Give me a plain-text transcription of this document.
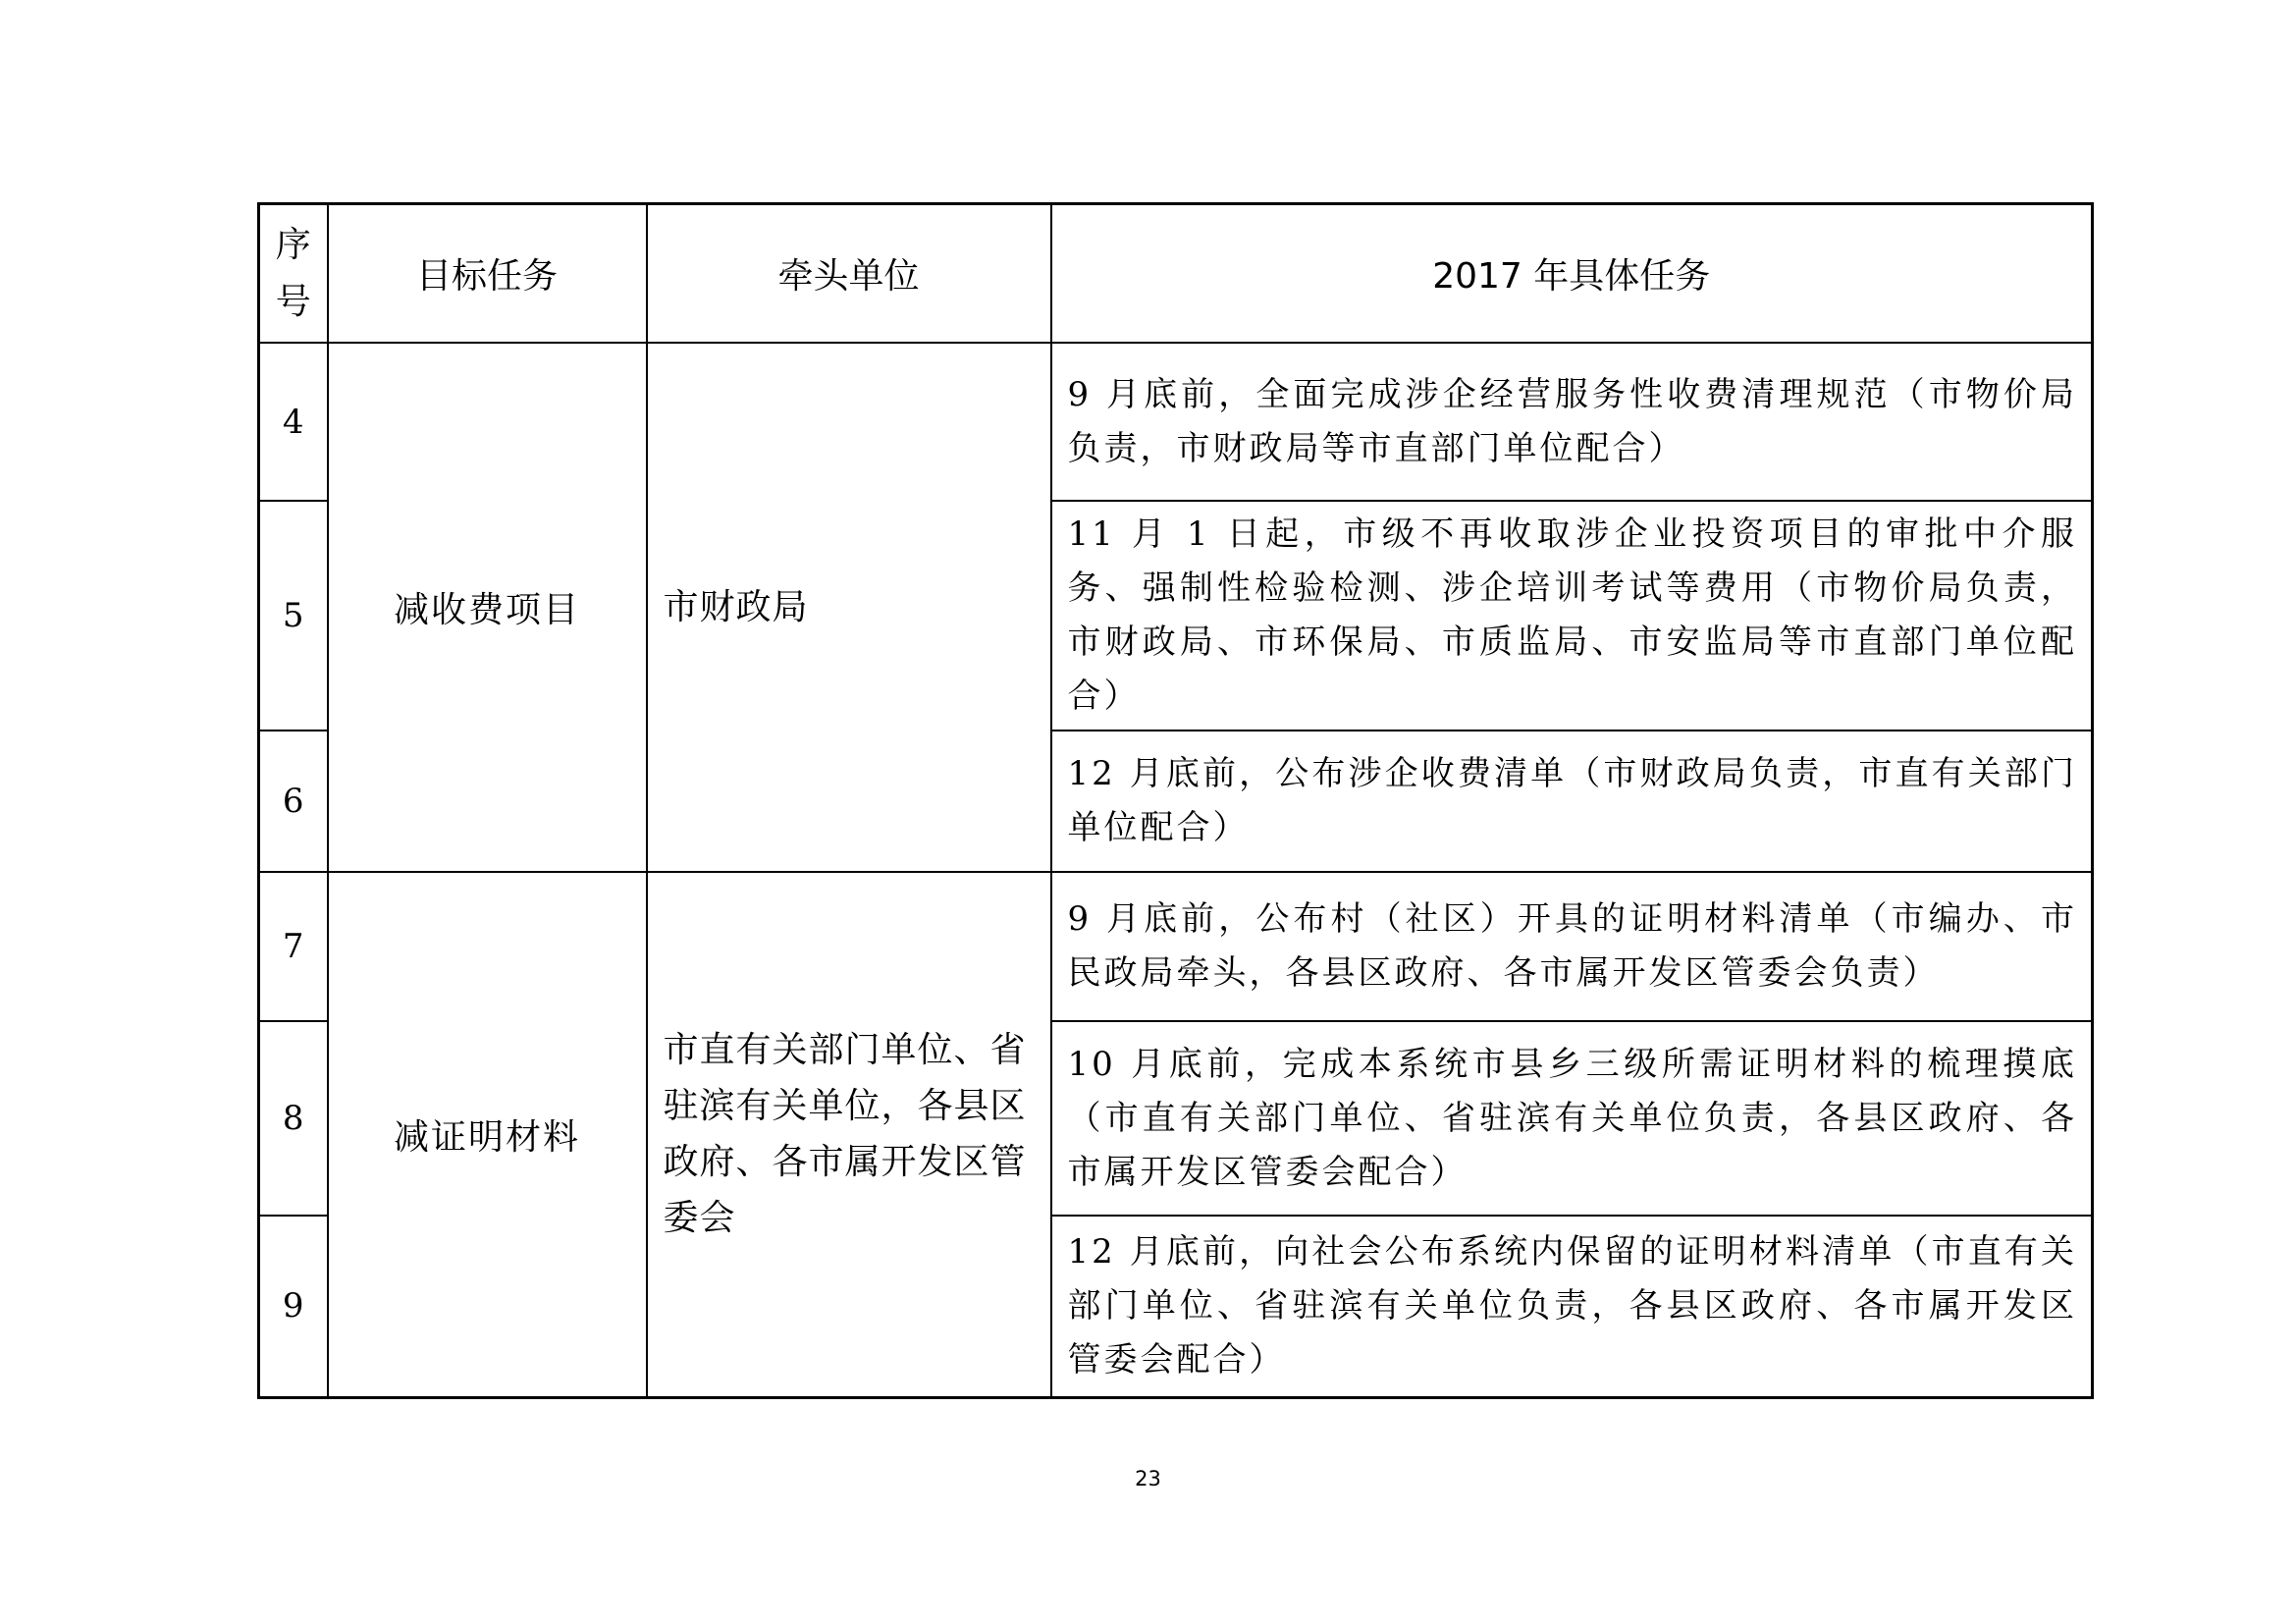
序
号	目标任务	牵头单位	2017 年具体任务
4	减收费项目	市财政局	9 月底前，全面完成涉企经营服务性收费清理规范（市物价局负责，市财政局等市直部门单位配合）
5			11 月 1 日起，市级不再收取涉企业投资项目的审批中介服务、强制性检验检测、涉企培训考试等费用（市物价局负责，市财政局、市环保局、市质监局、市安监局等市直部门单位配合）
6			12 月底前，公布涉企收费清单（市财政局负责，市直有关部门单位配合）
7	减证明材料	市直有关部门单位、省驻滨有关单位，各县区政府、各市属开发区管委会	9 月底前，公布村（社区）开具的证明材料清单（市编办、市民政局牵头，各县区政府、各市属开发区管委会负责）
8			10 月底前，完成本系统市县乡三级所需证明材料的梳理摸底（市直有关部门单位、省驻滨有关单位负责，各县区政府、各市属开发区管委会配合）
9			12 月底前，向社会公布系统内保留的证明材料清单（市直有关部门单位、省驻滨有关单位负责，各县区政府、各市属开发区管委会配合）
23
